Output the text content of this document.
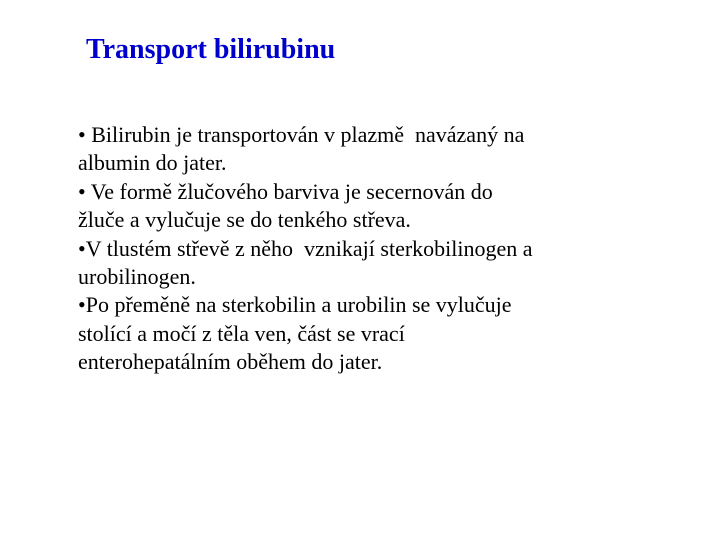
Transport bilirubinu
• Bilirubin je transportován v plazmě  navázaný na
albumin do jater.
• Ve formě žlučového barviva je secernován do
žluče a vylučuje se do tenkého střeva.
•V tlustém střevě z něho  vznikají sterkobilinogen a
urobilinogen.
•Po přeměně na sterkobilin a urobilin se vylučuje
stolící a močí z těla ven, část se vrací
enterohepatálním oběhem do jater.
